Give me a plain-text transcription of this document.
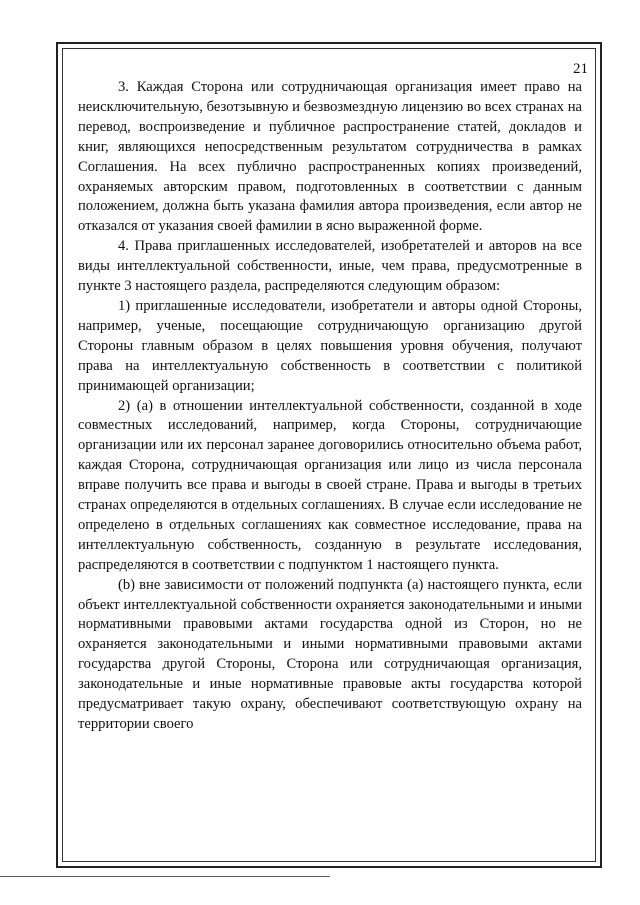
21

3. Каждая Сторона или сотрудничающая организация имеет право на неисключительную, безотзывную и безвозмездную лицензию во всех странах на перевод, воспроизведение и публичное распространение статей, докладов и книг, являющихся непосредственным результатом сотрудничества в рамках Соглашения. На всех публично распространенных копиях произведений, охраняемых авторским правом, подготовленных в соответствии с данным положением, должна быть указана фамилия автора произведения, если автор не отказался от указания своей фамилии в ясно выраженной форме.

4. Права приглашенных исследователей, изобретателей и авторов на все виды интеллектуальной собственности, иные, чем права, предусмотренные в пункте 3 настоящего раздела, распределяются следующим образом:

1) приглашенные исследователи, изобретатели и авторы одной Стороны, например, ученые, посещающие сотрудничающую организацию другой Стороны главным образом в целях повышения уровня обучения, получают права на интеллектуальную собственность в соответствии с политикой принимающей организации;

2) (а) в отношении интеллектуальной собственности, созданной в ходе совместных исследований, например, когда Стороны, сотрудничающие организации или их персонал заранее договорились относительно объема работ, каждая Сторона, сотрудничающая организация или лицо из числа персонала вправе получить все права и выгоды в своей стране. Права и выгоды в третьих странах определяются в отдельных соглашениях. В случае если исследование не определено в отдельных соглашениях как совместное исследование, права на интеллектуальную собственность, созданную в результате исследования, распределяются в соответствии с подпунктом 1 настоящего пункта.

(b) вне зависимости от положений подпункта (а) настоящего пункта, если объект интеллектуальной собственности охраняется законодательными и иными нормативными правовыми актами государства одной из Сторон, но не охраняется законодательными и иными нормативными правовыми актами государства другой Стороны, Сторона или сотрудничающая организация, законодательные и иные нормативные правовые акты государства которой предусматривает такую охрану, обеспечивают соответствующую охрану на территории своего
